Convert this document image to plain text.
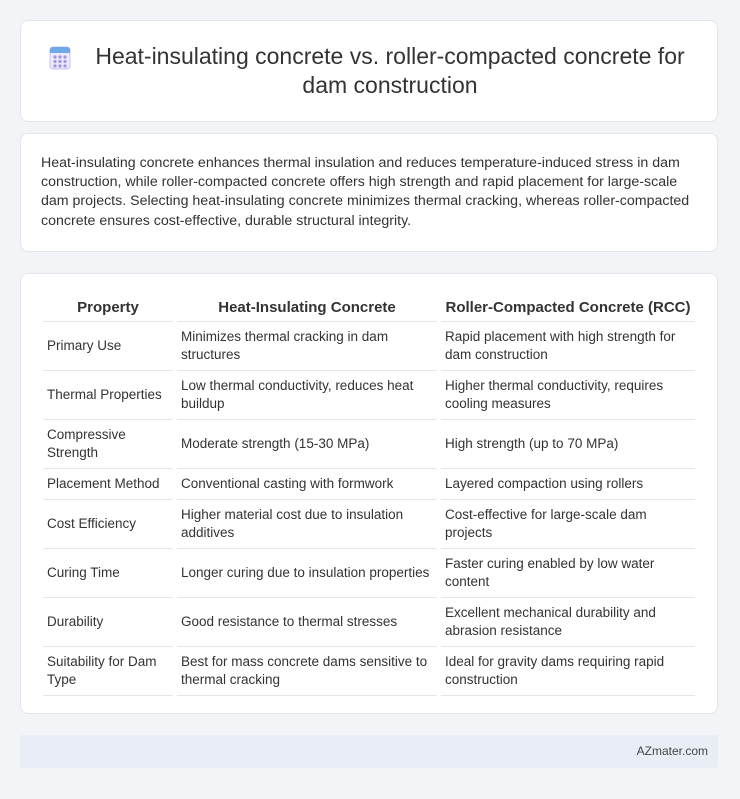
Heat-insulating concrete vs. roller-compacted concrete for dam construction

Heat-insulating concrete enhances thermal insulation and reduces temperature-induced stress in dam construction, while roller-compacted concrete offers high strength and rapid placement for large-scale dam projects. Selecting heat-insulating concrete minimizes thermal cracking, whereas roller-compacted concrete ensures cost-effective, durable structural integrity.

Property	Heat-Insulating Concrete	Roller-Compacted Concrete (RCC)
Primary Use	Minimizes thermal cracking in dam structures	Rapid placement with high strength for dam construction
Thermal Properties	Low thermal conductivity, reduces heat buildup	Higher thermal conductivity, requires cooling measures
Compressive Strength	Moderate strength (15-30 MPa)	High strength (up to 70 MPa)
Placement Method	Conventional casting with formwork	Layered compaction using rollers
Cost Efficiency	Higher material cost due to insulation additives	Cost-effective for large-scale dam projects
Curing Time	Longer curing due to insulation properties	Faster curing enabled by low water content
Durability	Good resistance to thermal stresses	Excellent mechanical durability and abrasion resistance
Suitability for Dam Type	Best for mass concrete dams sensitive to thermal cracking	Ideal for gravity dams requiring rapid construction
AZmater.com
